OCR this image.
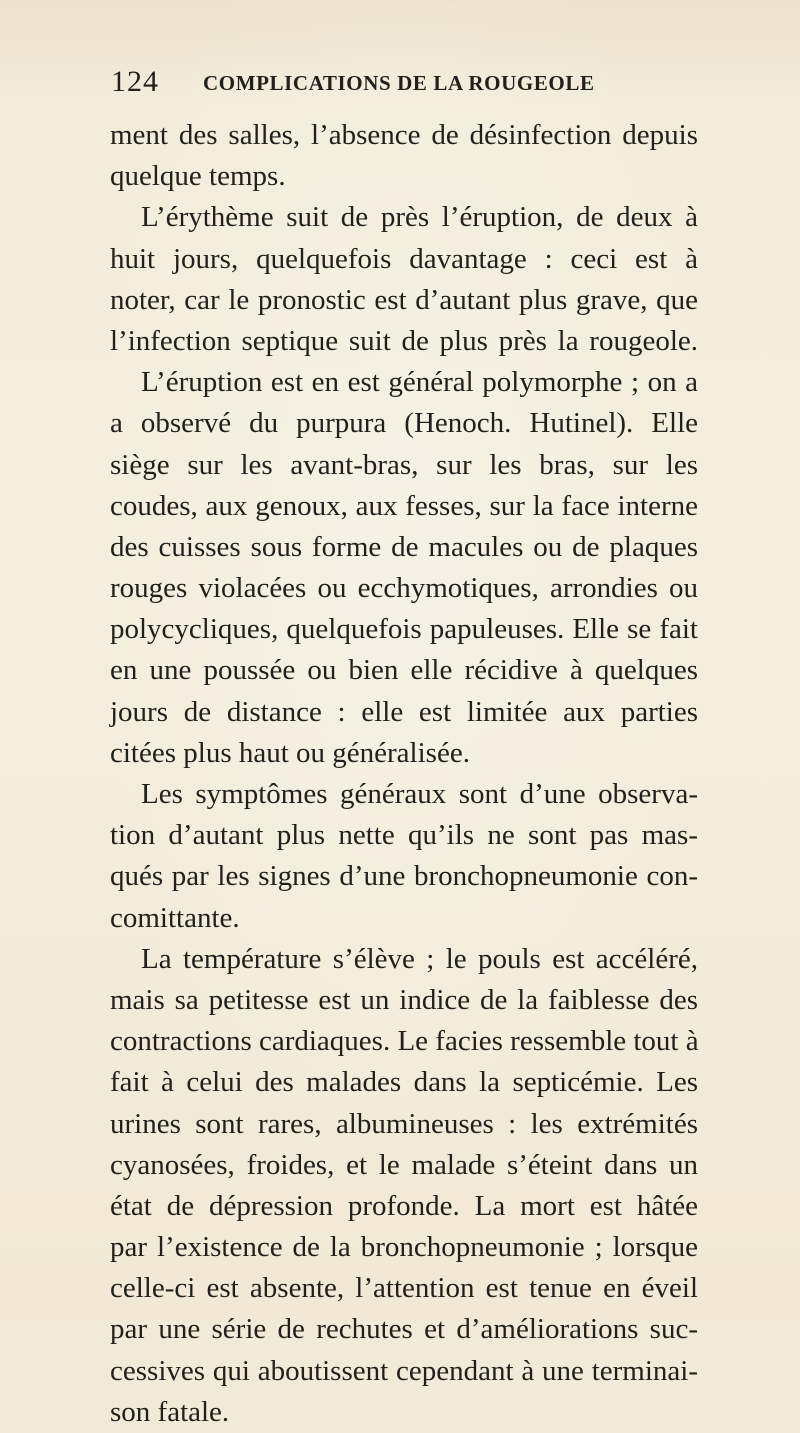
124 COMPLICATIONS DE LA ROUGEOLE
ment des salles, l’absence de désinfection depuis
quelque temps.
L’érythème suit de près l’éruption, de deux à
huit jours, quelquefois davantage : ceci est à
noter, car le pronostic est d’autant plus grave, que
l’infection septique suit de plus près la rougeole.
L’éruption est en est général polymorphe ; on a
a observé du purpura (Henoch. Hutinel). Elle
siège sur les avant-bras, sur les bras, sur les
coudes, aux genoux, aux fesses, sur la face interne
des cuisses sous forme de macules ou de plaques
rouges violacées ou ecchymotiques, arrondies ou
polycycliques, quelquefois papuleuses. Elle se fait
en une poussée ou bien elle récidive à quelques
jours de distance : elle est limitée aux parties
citées plus haut ou généralisée.
Les symptômes généraux sont d’une observa-
tion d’autant plus nette qu’ils ne sont pas mas-
qués par les signes d’une bronchopneumonie con-
comittante.
La température s’élève ; le pouls est accéléré,
mais sa petitesse est un indice de la faiblesse des
contractions cardiaques. Le facies ressemble tout à
fait à celui des malades dans la septicémie. Les
urines sont rares, albumineuses : les extrémités
cyanosées, froides, et le malade s’éteint dans un
état de dépression profonde. La mort est hâtée
par l’existence de la bronchopneumonie ; lorsque
celle-ci est absente, l’attention est tenue en éveil
par une série de rechutes et d’améliorations suc-
cessives qui aboutissent cependant à une terminai-
son fatale.
